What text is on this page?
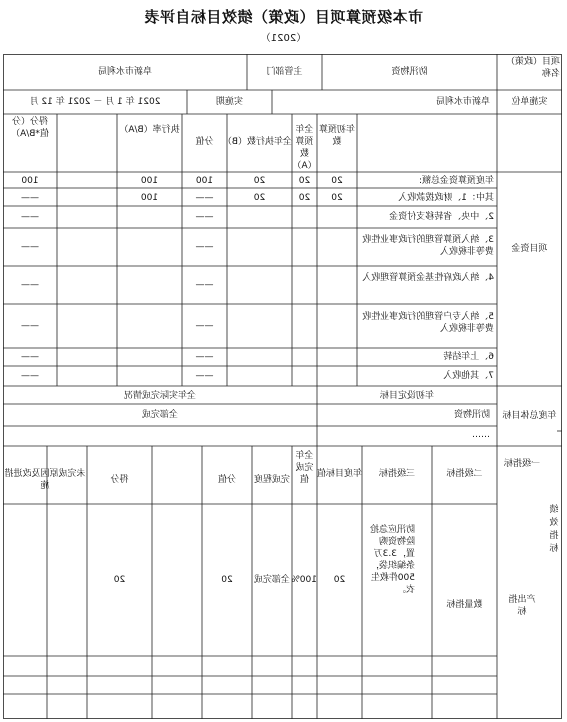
市本级预算项目（政策）绩效目标自评表
（2021）
项目（政策）名称
防汛物资
主管部门
阜新市水利局
实施单位
阜新市水利局
实施期
2021 年 1 月 － 2021 年 12 月
项目资金
年初预算数
全年预算数（A）
全年执行数（B）
分值
执行率（B/A）
得分（分值*B/A）
年度预算资金总额:
20
20
20
100
100
100
其中：1、财政拨款收入
20
20
20
——
100
——
2、中央、省转移支付资金
——
——
3、纳入预算管理的行政事业性收费等非税收入
——
——
4、纳入政府性基金预算管理收入
——
——
5、纳入专户管理的行政事业性收费等非税收入
——
——
6、上年结转
——
——
7、其他收入
——
——
年度总体目标
年初设定目标
全年实际完成情况
防汛物资
……
全部完成
绩效指标
一级指标
二级指标
三级指标
年度目标值
全年完成值
完成程度
分值
得分
未完成原因及改进措施
产出指标
数量指标
防汛应急抢险物资购置，3.3万条编织袋，500件救生衣。
20
100%
全部完成
20
20
